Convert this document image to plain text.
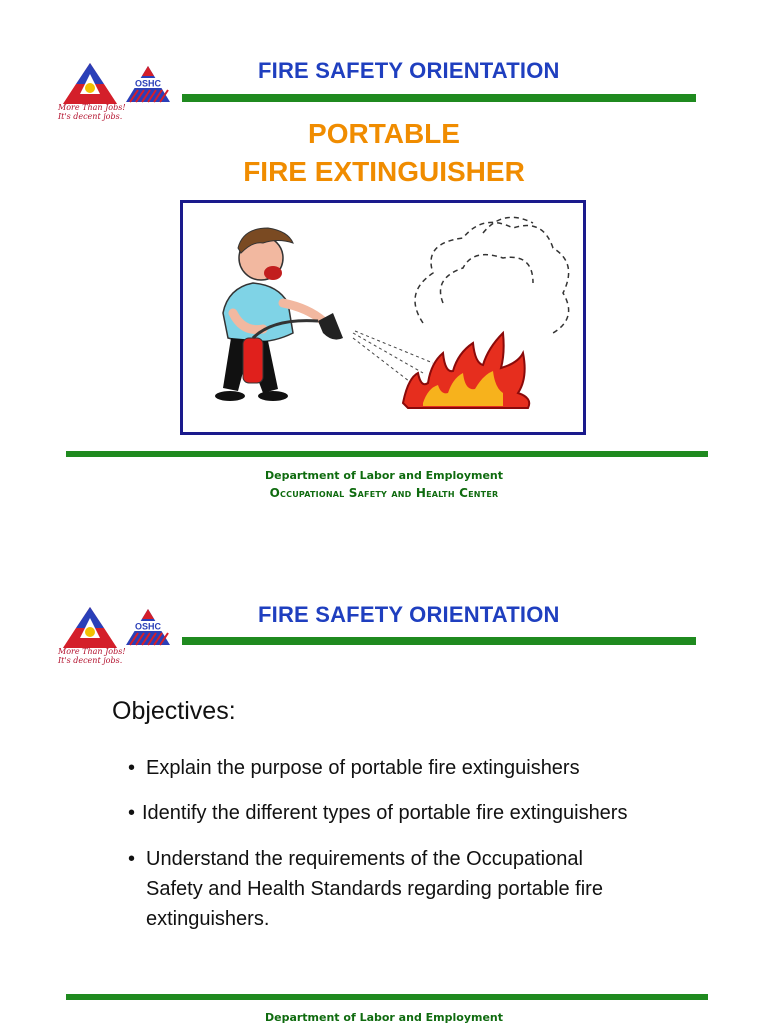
More Than Jobs!
It's decent jobs.
OSHC
FIRE SAFETY ORIENTATION
PORTABLE
FIRE EXTINGUISHER
Department of Labor and Employment
Occupational Safety and Health Center
More Than Jobs!
It's decent jobs.
OSHC	FIRE SAFETY ORIENTATION
Objectives:
• Explain the purpose of portable fire extinguishers
• Identify the different types of portable fire extinguishers
• Understand the requirements of the Occupational Safety and Health Standards regarding portable fire extinguishers.
Department of Labor and Employment
